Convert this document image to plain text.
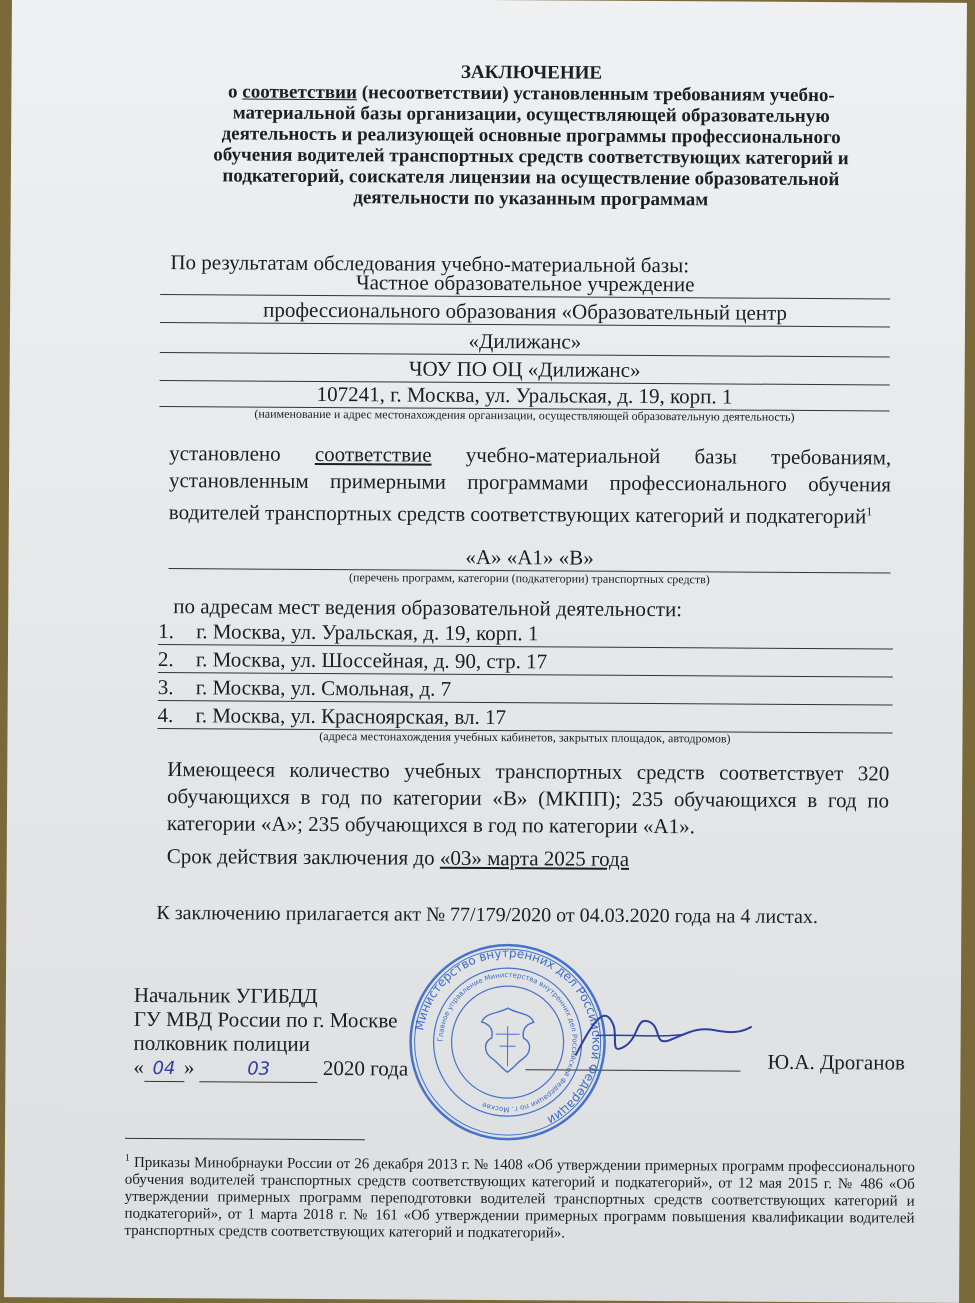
ЗАКЛЮЧЕНИЕ
о соответствии (несоответствии) установленным требованиям учебно-
материальной базы организации, осуществляющей образовательную
деятельность и реализующей основные программы профессионального
обучения водителей транспортных средств соответствующих категорий и
подкатегорий, соискателя лицензии на осуществление образовательной
деятельности по указанным программам
По результатам обследования учебно-материальной базы:
Частное образовательное учреждение
профессионального образования «Образовательный центр
«Дилижанс»
ЧОУ ПО ОЦ «Дилижанс»
107241, г. Москва, ул. Уральская, д. 19, корп. 1
(наименование и адрес местонахождения организации, осуществляющей образовательную деятельность)
установлено соответствие учебно-материальной базы требованиям, установленным примерными программами профессионального обучения водителей транспортных средств соответствующих категорий и подкатегорий$^1$
«А» «А1» «В»
(перечень программ, категории (подкатегории) транспортных средств)
по адресам мест ведения образовательной деятельности:
1. г. Москва, ул. Уральская, д. 19, корп. 1
2. г. Москва, ул. Шоссейная, д. 90, стр. 17
3. г. Москва, ул. Смольная, д. 7
4. г. Москва, ул. Красноярская, вл. 17
(адреса местонахождения учебных кабинетов, закрытых площадок, автодромов)
Имеющееся количество учебных транспортных средств соответствует 320 обучающихся в год по категории «В» (МКПП); 235 обучающихся в год по категории «А»; 235 обучающихся в год по категории «А1».
Срок действия заключения до «03» марта 2025 года
К заключению прилагается акт № 77/179/2020 от 04.03.2020 года на 4 листах.
Начальник УГИБДД
ГУ МВД России по г. Москве
полковник полиции
« 04 »	03	2020 года	Ю.А. Дроганов
Министерство внутренних дел Российской Федерации
Главное управление Министерства внутренних дел Российской Федерации по г. Москве
$^1$ Приказы Минобрнауки России от 26 декабря 2013 г. № 1408 «Об утверждении примерных программ профессионального обучения водителей транспортных средств соответствующих категорий и подкатегорий», от 12 мая 2015 г. № 486 «Об утверждении примерных программ переподготовки водителей транспортных средств соответствующих категорий и подкатегорий», от 1 марта 2018 г. № 161 «Об утверждении примерных программ повышения квалификации водителей транспортных средств соответствующих категорий и подкатегорий».
